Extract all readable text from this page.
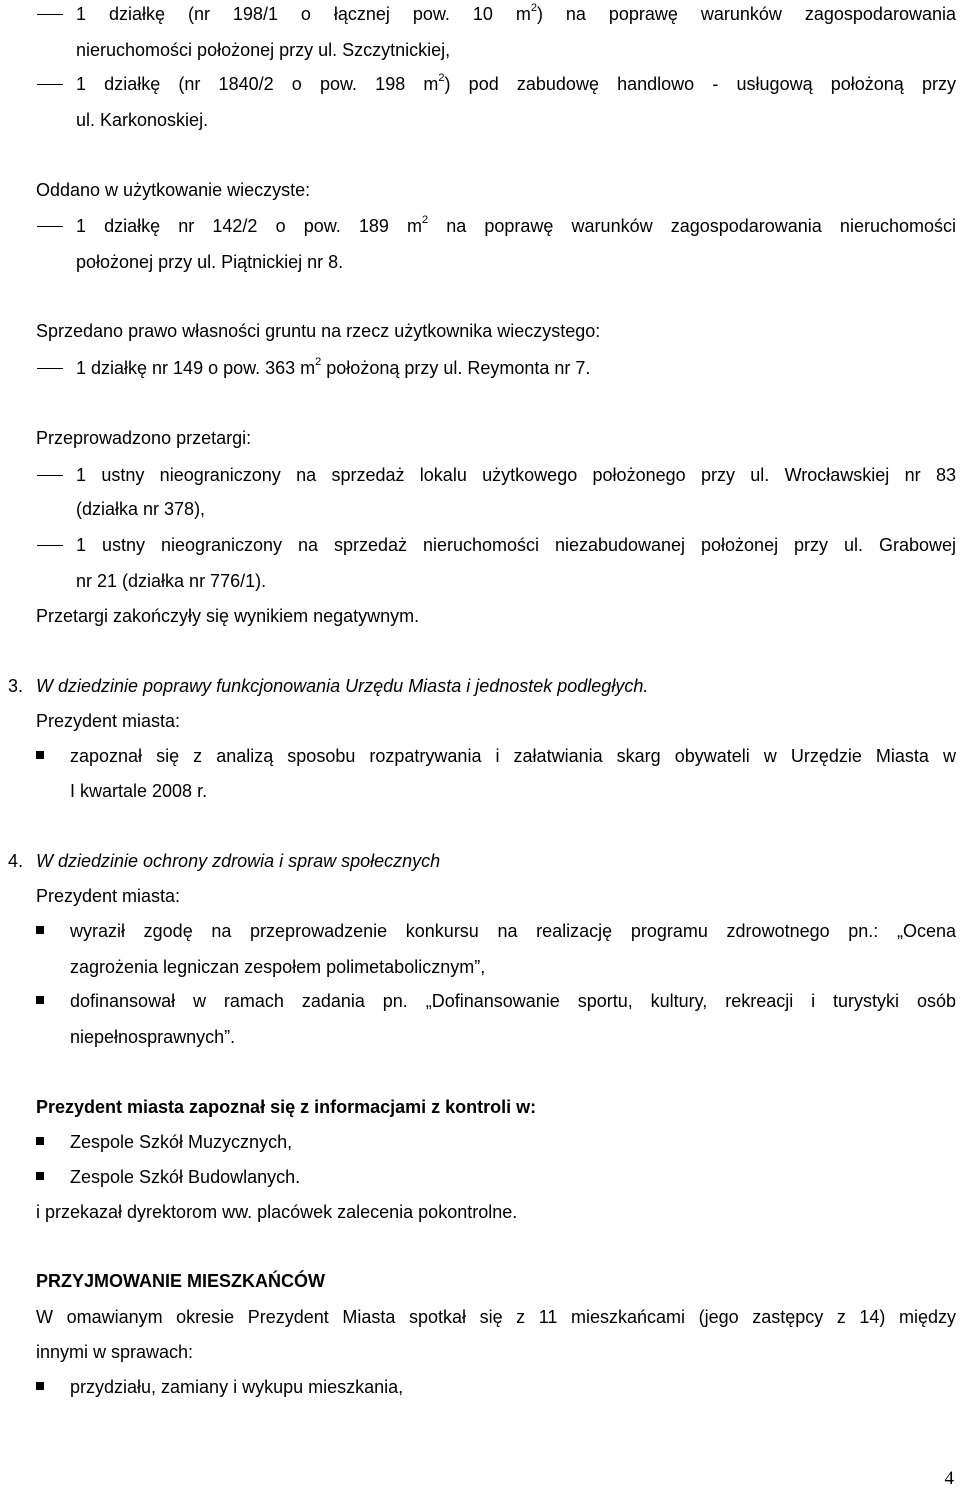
1 działkę (nr 198/1 o łącznej pow. 10 $m^2$) na poprawę warunków zagospodarowania
nieruchomości położonej przy ul. Szczytnickiej,
1 działkę (nr 1840/2 o pow. 198 $m^2$) pod zabudowę handlowo - usługową położoną przy
ul. Karkonoskiej.
Oddano w użytkowanie wieczyste:
1 działkę nr 142/2 o pow. 189 $m^2$ na poprawę warunków zagospodarowania nieruchomości
położonej przy ul. Piątnickiej nr 8.
Sprzedano prawo własności gruntu na rzecz użytkownika wieczystego:
1 działkę nr 149 o pow. 363 $m^2$ położoną przy ul. Reymonta nr 7.
Przeprowadzono przetargi:
1 ustny nieograniczony na sprzedaż lokalu użytkowego położonego przy ul. Wrocławskiej nr 83
(działka nr 378),
1 ustny nieograniczony na sprzedaż nieruchomości niezabudowanej położonej przy ul. Grabowej
nr 21 (działka nr 776/1).
Przetargi zakończyły się wynikiem negatywnym.
3. W dziedzinie poprawy funkcjonowania Urzędu Miasta i jednostek podległych.
Prezydent miasta:
zapoznał się z analizą sposobu rozpatrywania i załatwiania skarg obywateli w Urzędzie Miasta w
I kwartale 2008 r.
4. W dziedzinie ochrony zdrowia i spraw społecznych
Prezydent miasta:
wyraził zgodę na przeprowadzenie konkursu na realizację programu zdrowotnego pn.: „Ocena
zagrożenia legniczan zespołem polimetabolicznym”,
dofinansował w ramach zadania pn. „Dofinansowanie sportu, kultury, rekreacji i turystyki osób
niepełnosprawnych”.
Prezydent miasta zapoznał się z informacjami z kontroli w:
Zespole Szkół Muzycznych,
Zespole Szkół Budowlanych.
i przekazał dyrektorom ww. placówek zalecenia pokontrolne.
PRZYJMOWANIE MIESZKAŃCÓW
W omawianym okresie Prezydent Miasta spotkał się z 11 mieszkańcami (jego zastępcy z 14) między
innymi w sprawach:
przydziału, zamiany i wykupu mieszkania,
4
